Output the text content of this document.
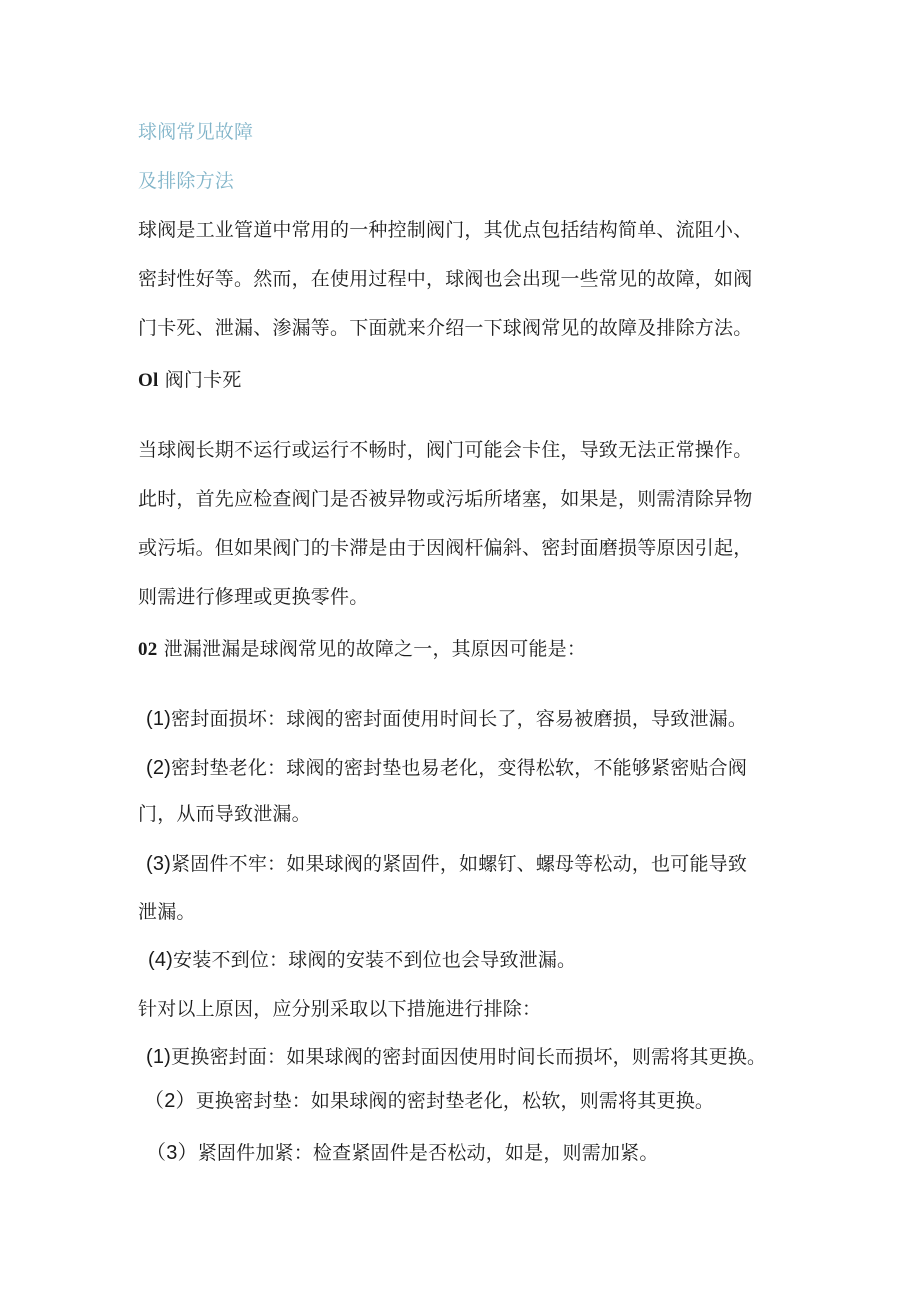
球阀常见故障
及排除方法
球阀是工业管道中常用的一种控制阀门，其优点包括结构简单、流阻小、
密封性好等。然而，在使用过程中，球阀也会出现一些常见的故障，如阀
门卡死、泄漏、渗漏等。下面就来介绍一下球阀常见的故障及排除方法。
Ol 阀门卡死
当球阀长期不运行或运行不畅时，阀门可能会卡住，导致无法正常操作。
此时，首先应检查阀门是否被异物或污垢所堵塞，如果是，则需清除异物
或污垢。但如果阀门的卡滞是由于因阀杆偏斜、密封面磨损等原因引起，
则需进行修理或更换零件。
02 泄漏泄漏是球阀常见的故障之一，其原因可能是：
(1)密封面损坏：球阀的密封面使用时间长了，容易被磨损，导致泄漏。
(2)密封垫老化：球阀的密封垫也易老化，变得松软，不能够紧密贴合阀
门，从而导致泄漏。
(3)紧固件不牢：如果球阀的紧固件，如螺钉、螺母等松动，也可能导致
泄漏。
(4)安装不到位：球阀的安装不到位也会导致泄漏。
针对以上原因，应分别采取以下措施进行排除：
(1)更换密封面：如果球阀的密封面因使用时间长而损坏，则需将其更换。
（2）更换密封垫：如果球阀的密封垫老化，松软，则需将其更换。
（3）紧固件加紧：检查紧固件是否松动，如是，则需加紧。
